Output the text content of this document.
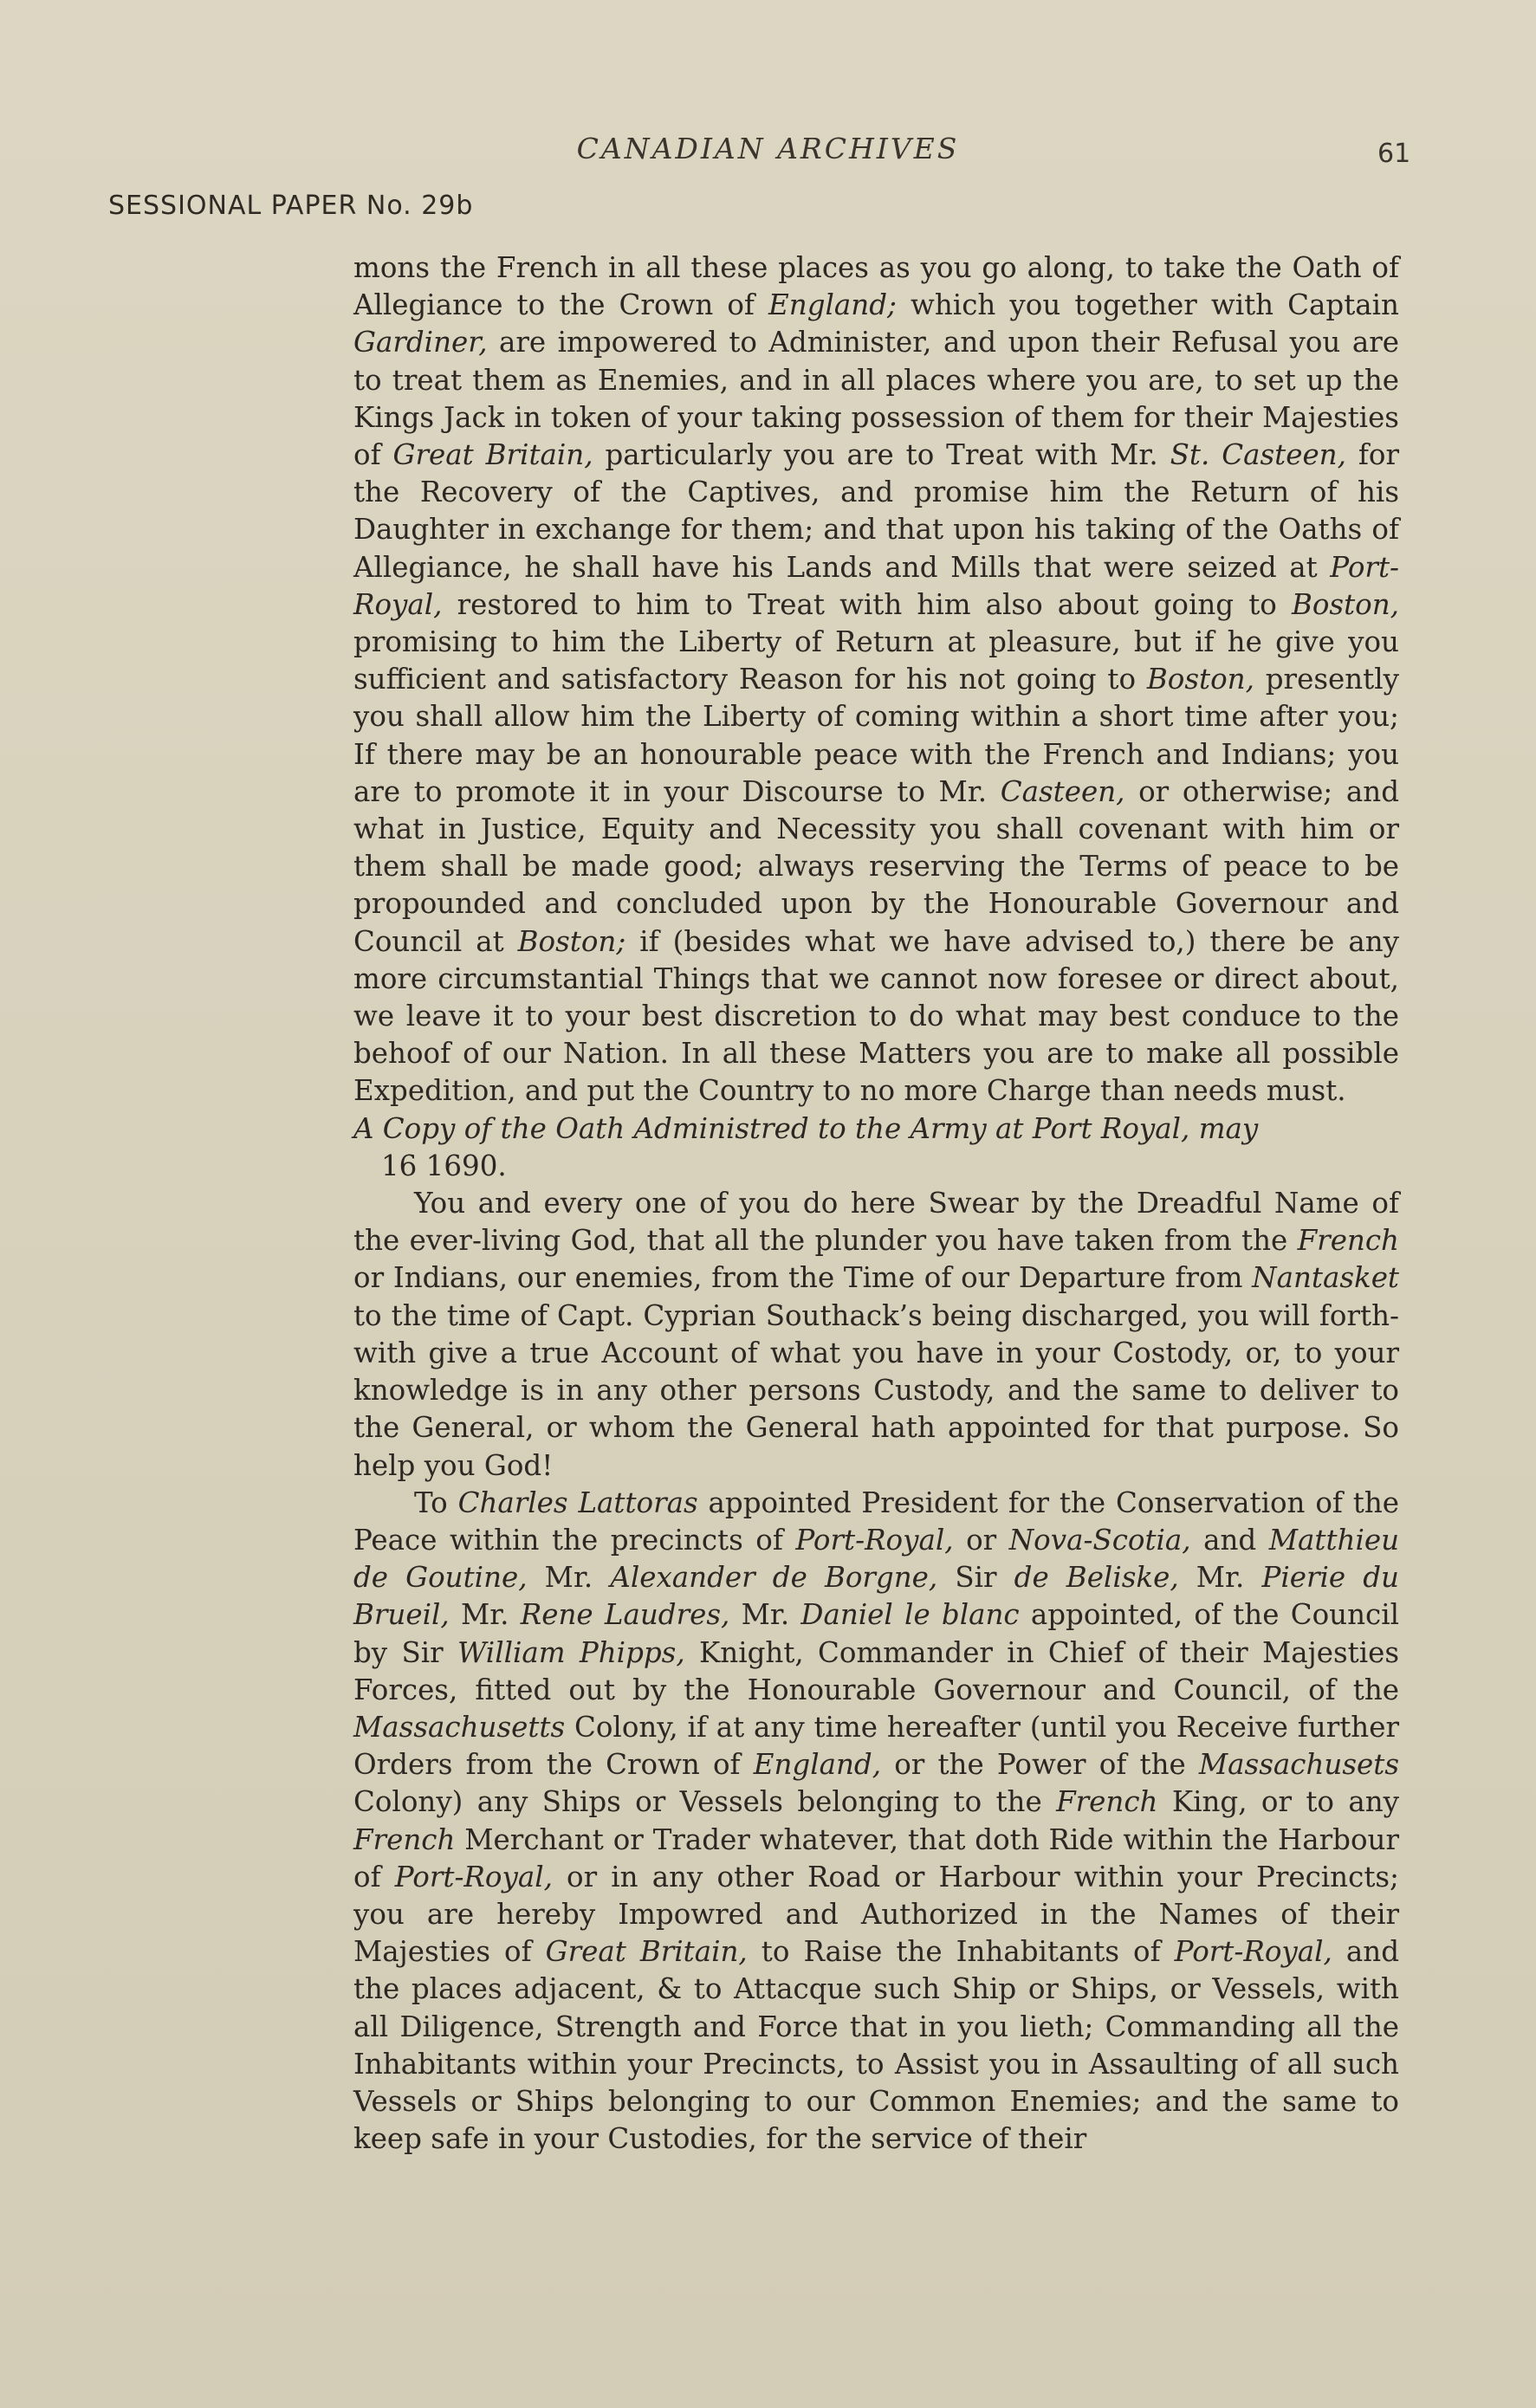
CANADIAN ARCHIVES	61
SESSIONAL PAPER No. 29b

mons the French in all these places as you go along, to take the Oath of Allegiance to the Crown of England; which you together with Captain Gardiner, are impowered to Administer, and upon their Refusal you are to treat them as Enemies, and in all places where you are, to set up the Kings Jack in token of your taking possession of them for their Majesties of Great Britain, particularly you are to Treat with Mr. St. Casteen, for the Recovery of the Captives, and promise him the Return of his Daughter in exchange for them; and that upon his taking of the Oaths of Allegiance, he shall have his Lands and Mills that were seized at Port-Royal, restored to him to Treat with him also about going to Boston, promising to him the Liberty of Return at pleasure, but if he give you sufficient and satisfactory Reason for his not going to Boston, presently you shall allow him the Liberty of coming within a short time after you; If there may be an honourable peace with the French and Indians; you are to promote it in your Discourse to Mr. Casteen, or otherwise; and what in Justice, Equity and Necessity you shall covenant with him or them shall be made good; always reserving the Terms of peace to be propounded and concluded upon by the Honourable Governour and Council at Boston; if (besides what we have advised to,) there be any more circumstantial Things that we cannot now foresee or direct about, we leave it to your best discretion to do what may best conduce to the behoof of our Nation. In all these Matters you are to make all possible Expedition, and put the Country to no more Charge than needs must.

A Copy of the Oath Administred to the Army at Port Royal, may

16 1690.

You and every one of you do here Swear by the Dreadful Name of the ever-living God, that all the plunder you have taken from the French or Indians, our enemies, from the Time of our Departure from Nantasket to the time of Capt. Cyprian Southack’s being discharged, you will forth-with give a true Account of what you have in your Costody, or, to your knowledge is in any other persons Custody, and the same to deliver to the General, or whom the General hath appointed for that purpose. So help you God!

To Charles Lattoras appointed President for the Conservation of the Peace within the precincts of Port-Royal, or Nova-Scotia, and Matthieu de Goutine, Mr. Alexander de Borgne, Sir de Beliske, Mr. Pierie du Brueil, Mr. Rene Laudres, Mr. Daniel le blanc appointed, of the Council by Sir William Phipps, Knight, Commander in Chief of their Majesties Forces, fitted out by the Honourable Governour and Council, of the Massachusetts Colony, if at any time hereafter (until you Receive further Orders from the Crown of England, or the Power of the Massachusets Colony) any Ships or Vessels belonging to the French King, or to any French Merchant or Trader whatever, that doth Ride within the Harbour of Port-Royal, or in any other Road or Harbour within your Precincts; you are hereby Impowred and Authorized in the Names of their Majesties of Great Britain, to Raise the Inhabitants of Port-Royal, and the places adjacent, & to Attacque such Ship or Ships, or Vessels, with all Diligence, Strength and Force that in you lieth; Commanding all the Inhabitants within your Precincts, to Assist you in Assaulting of all such Vessels or Ships belonging to our Common Enemies; and the same to keep safe in your Custodies, for the service of their
